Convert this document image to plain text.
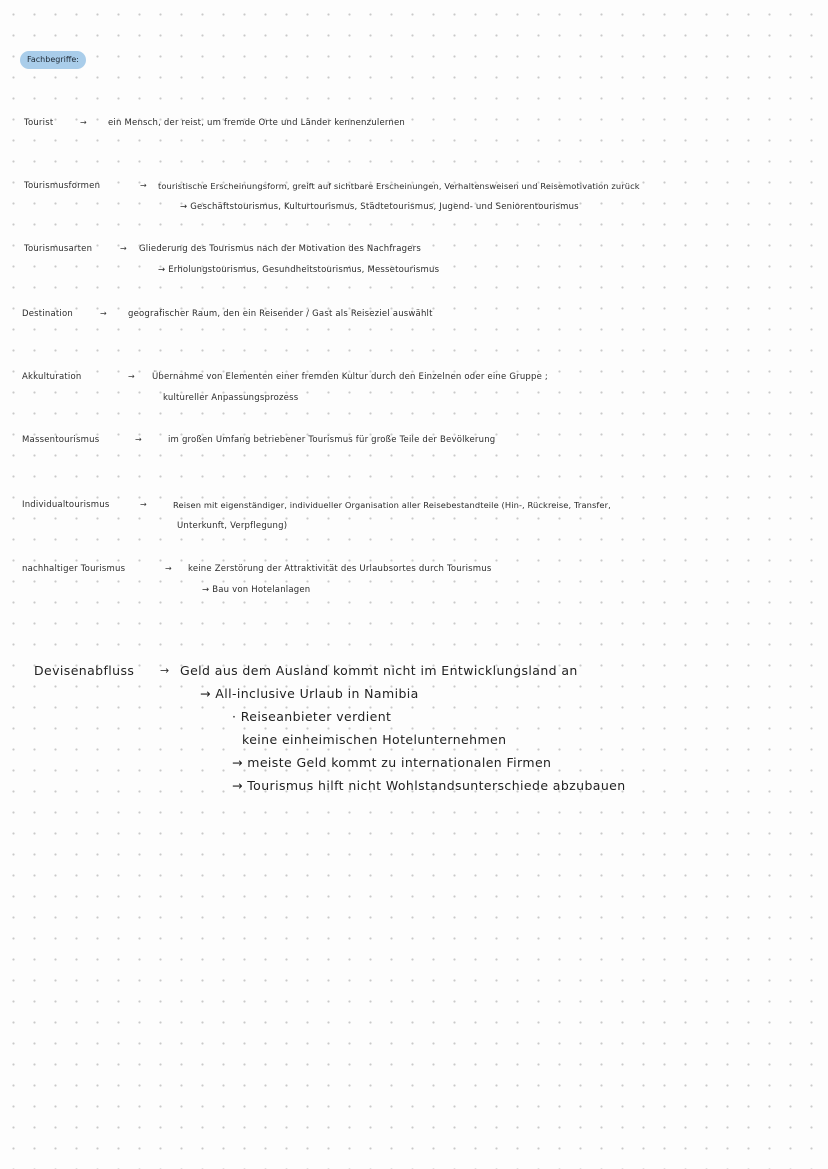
Fachbegriffe:
Tourist	→	ein Mensch, der reist, um fremde Orte und Länder kennenzulernen
Tourismusformen	→ touristische Erscheinungsform, greift auf sichtbare Erscheinungen, Verhaltensweisen und Reisemotivation zurück
→ Geschäftstourismus, Kulturtourismus, Städtetourismus, Jugend- und Seniorentourismus
Tourismusarten	→ Gliederung des Tourismus nach der Motivation des Nachfragers
→ Erholungstourismus, Gesundheitstourismus, Messetourismus
Destination	→	geografischer Raum, den ein Reisender / Gast als Reiseziel auswählt
Akkulturation	→ Übernahme von Elementen einer fremden Kultur durch den Einzelnen oder eine Gruppe ;
kultureller Anpassungsprozess
Massentourismus	→	im großen Umfang betriebener Tourismus für große Teile der Bevölkerung
Individualtourismus	→	Reisen mit eigenständiger, individueller Organisation aller Reisebestandteile (Hin-, Rückreise, Transfer,
Unterkunft, Verpflegung)
nachhaltiger Tourismus	→ keine Zerstörung der Attraktivität des Urlaubsortes durch Tourismus
→ Bau von Hotelanlagen
Devisenabfluss → Geld aus dem Ausland kommt nicht im Entwicklungsland an
→ All-inclusive Urlaub in Namibia
· Reiseanbieter verdient
keine einheimischen Hotelunternehmen
→ meiste Geld kommt zu internationalen Firmen
→ Tourismus hilft nicht Wohlstandsunterschiede abzubauen
